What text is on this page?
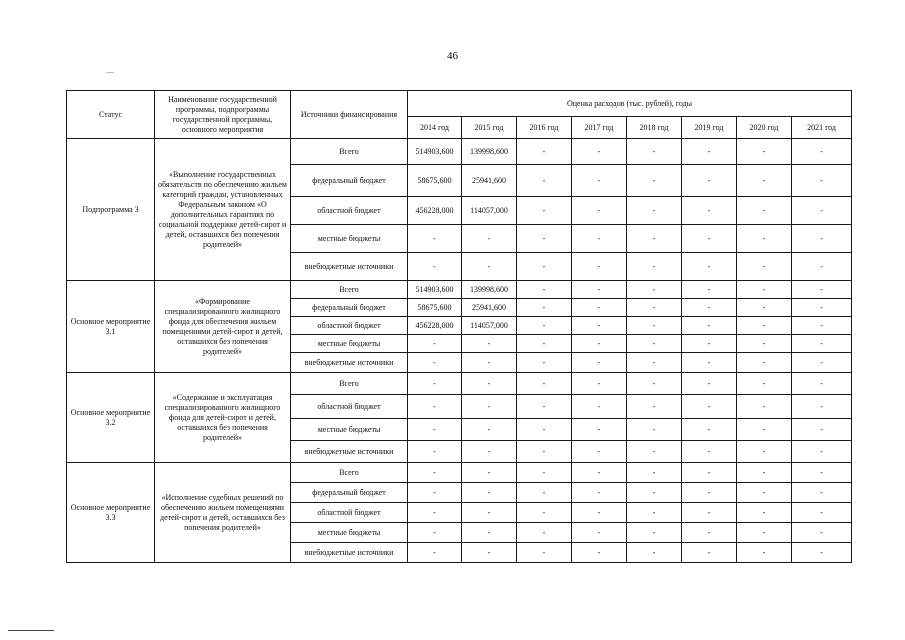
46
Статус	Наименование государственной программы, подпрограммы государственной программы, основного мероприятия	Источники финансирования	Оценка расходов (тыс. рублей), годы							
			2014 год	2015 год	2016 год	2017 год	2018 год	2019 год	2020 год	2021 год
Подпрограмма 3	«Выполнение государственных обязательств по обеспечению жильем категорий граждан, установленных Федеральным законом «О дополнительных гарантиях по социальной поддержке детей-сирот и детей, оставшихся без попечения родителей»	Всего	514903,600	139998,600	-	-	-	-	-	-
		федеральный бюджет	58675,600	25941,600	-	-	-	-	-	-
		областной бюджет	456228,000	114057,000	-	-	-	-	-	-
		местные бюджеты	-	-	-	-	-	-	-	-
		внебюджетные источники	-	-	-	-	-	-	-	-
Основное мероприятие 3.1	«Формирование специализированного жилищного фонда для обеспечения жильем помещениями детей-сирот и детей, оставшихся без попечения родителей»	Всего	514903,600	139998,600	-	-	-	-	-	-
		федеральный бюджет	58675,600	25941,600	-	-	-	-	-	-
		областной бюджет	456228,000	114057,000	-	-	-	-	-	-
		местные бюджеты	-	-	-	-	-	-	-	-
		внебюджетные источники	-	-	-	-	-	-	-	-
Основное мероприятие 3.2	«Содержание и эксплуатация специализированного жилищного фонда для детей-сирот и детей, оставшихся без попечения родителей»	Всего	-	-	-	-	-	-	-	-
		областной бюджет	-	-	-	-	-	-	-	-
		местные бюджеты	-	-	-	-	-	-	-	-
		внебюджетные источники	-	-	-	-	-	-	-	-
Основное мероприятие 3.3	«Исполнение судебных решений по обеспечению жильем помещениями детей-сирот и детей, оставшихся без попечения родителей»	Всего	-	-	-	-	-	-	-	-
		федеральный бюджет	-	-	-	-	-	-	-	-
		областной бюджет	-	-	-	-	-	-	-	-
		местные бюджеты	-	-	-	-	-	-	-	-
		внебюджетные источники	-	-	-	-	-	-	-	-
